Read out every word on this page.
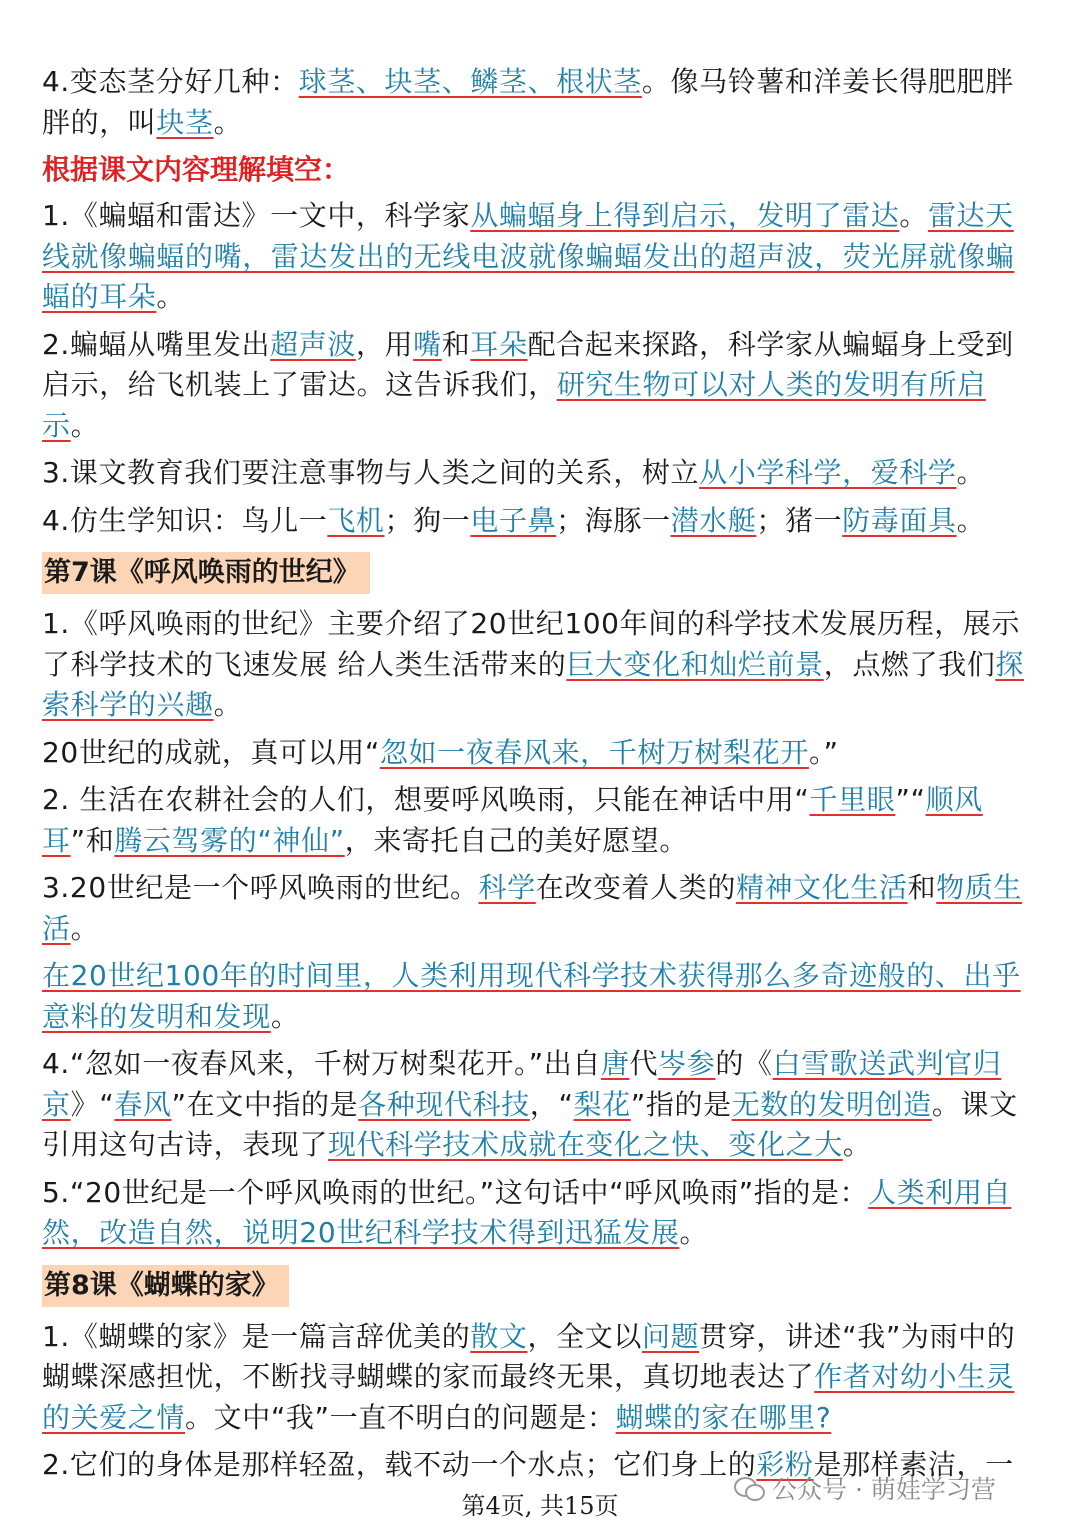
4.变态茎分好几种：球茎、块茎、鳞茎、根状茎。像马铃薯和洋姜长得肥肥胖胖的，叫块茎。
根据课文内容理解填空：
1.《蝙蝠和雷达》一文中，科学家从蝙蝠身上得到启示，发明了雷达。雷达天线就像蝙蝠的嘴，雷达发出的无线电波就像蝙蝠发出的超声波，荧光屏就像蝙蝠的耳朵。
2.蝙蝠从嘴里发出超声波，用嘴和耳朵配合起来探路，科学家从蝙蝠身上受到启示，给飞机装上了雷达。这告诉我们，研究生物可以对人类的发明有所启示。
3.课文教育我们要注意事物与人类之间的关系，树立从小学科学，爱科学。
4.仿生学知识：鸟儿一飞机；狗一电子鼻；海豚一潜水艇；猪一防毒面具。
第7课《呼风唤雨的世纪》
1.《呼风唤雨的世纪》主要介绍了20世纪100年间的科学技术发展历程，展示了科学技术的飞速发展 给人类生活带来的巨大变化和灿烂前景，点燃了我们探索科学的兴趣。
20世纪的成就，真可以用“忽如一夜春风来，千树万树梨花开。”
2. 生活在农耕社会的人们，想要呼风唤雨，只能在神话中用“千里眼”“顺风耳”和腾云驾雾的“神仙”，来寄托自己的美好愿望。
3.20世纪是一个呼风唤雨的世纪。科学在改变着人类的精神文化生活和物质生活。
在20世纪100年的时间里，人类利用现代科学技术获得那么多奇迹般的、出乎意料的发明和发现。
4.“忽如一夜春风来，千树万树梨花开。”出自唐代岑参的《白雪歌送武判官归京》“春风”在文中指的是各种现代科技，“梨花”指的是无数的发明创造。课文引用这句古诗，表现了现代科学技术成就在变化之快、变化之大。
5.“20世纪是一个呼风唤雨的世纪。”这句话中“呼风唤雨”指的是：人类利用自然，改造自然，说明20世纪科学技术得到迅猛发展。
第8课《蝴蝶的家》
1.《蝴蝶的家》是一篇言辞优美的散文，全文以问题贯穿，讲述“我”为雨中的蝴蝶深感担忧，不断找寻蝴蝶的家而最终无果，真切地表达了作者对幼小生灵的关爱之情。文中“我”一直不明白的问题是：蝴蝶的家在哪里?
2.它们的身体是那样轻盈，载不动一个水点；它们身上的彩粉是那样素洁，一
公众号 · 萌娃学习营
第4页, 共15页
